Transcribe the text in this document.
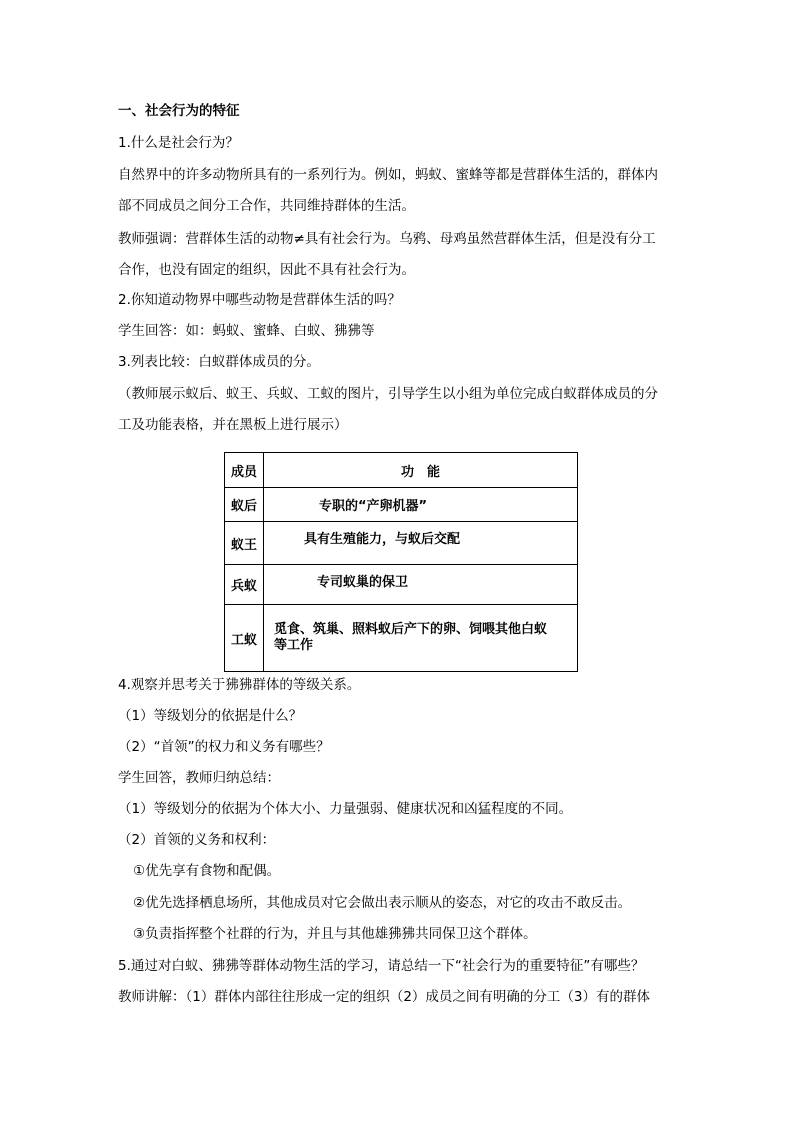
一、社会行为的特征
1.什么是社会行为？
自然界中的许多动物所具有的一系列行为。例如，蚂蚁、蜜蜂等都是营群体生活的，群体内
部不同成员之间分工合作，共同维持群体的生活。
教师强调：营群体生活的动物≠具有社会行为。乌鸦、母鸡虽然营群体生活，但是没有分工
合作，也没有固定的组织，因此不具有社会行为。
2.你知道动物界中哪些动物是营群体生活的吗？
学生回答：如：蚂蚁、蜜蜂、白蚁、狒狒等
3.列表比较：白蚁群体成员的分。
（教师展示蚁后、蚁王、兵蚁、工蚁的图片，引导学生以小组为单位完成白蚁群体成员的分
工及功能表格，并在黑板上进行展示）
成员	功　能
蚁后	专职的“产卵机器”
蚁王	具有生殖能力，与蚁后交配
兵蚁	专司蚁巢的保卫
工蚁	觅食、筑巢、照料蚁后产下的卵、饲喂其他白蚁
等工作
4.观察并思考关于狒狒群体的等级关系。
（1）等级划分的依据是什么？
（2）“首领”的权力和义务有哪些？
学生回答，教师归纳总结：
（1）等级划分的依据为个体大小、力量强弱、健康状况和凶猛程度的不同。
（2）首领的义务和权利：
①优先享有食物和配偶。
②优先选择栖息场所，其他成员对它会做出表示顺从的姿态，对它的攻击不敢反击。
③负责指挥整个社群的行为，并且与其他雄狒狒共同保卫这个群体。
5.通过对白蚁、狒狒等群体动物生活的学习，请总结一下“社会行为的重要特征”有哪些？
教师讲解：（1）群体内部往往形成一定的组织（2）成员之间有明确的分工（3）有的群体
